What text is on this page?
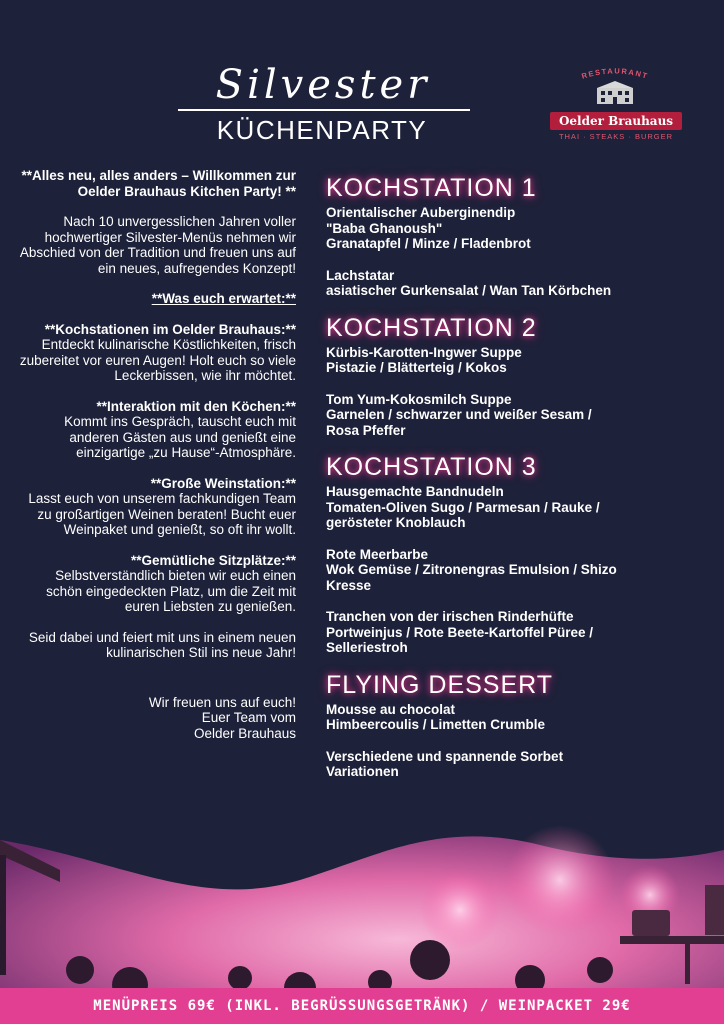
Silvester
KÜCHENPARTY
RESTAURANT
Oelder Brauhaus
THAI · STEAKS · BURGER

**Alles neu, alles anders – Willkommen zur Oelder Brauhaus Kitchen Party! **

Nach 10 unvergesslichen Jahren voller hochwertiger Silvester-Menüs nehmen wir Abschied von der Tradition und freuen uns auf ein neues, aufregendes Konzept!

**Was euch erwartet:**

**Kochstationen im Oelder Brauhaus:**
Entdeckt kulinarische Köstlichkeiten, frisch zubereitet vor euren Augen! Holt euch so viele Leckerbissen, wie ihr möchtet.

**Interaktion mit den Köchen:**
Kommt ins Gespräch, tauscht euch mit anderen Gästen aus und genießt eine einzigartige „zu Hause“-Atmosphäre.

**Große Weinstation:**
Lasst euch von unserem fachkundigen Team zu großartigen Weinen beraten! Bucht euer Weinpaket und genießt, so oft ihr wollt.

**Gemütliche Sitzplätze:**
Selbstverständlich bieten wir euch einen schön eingedeckten Platz, um die Zeit mit euren Liebsten zu genießen.

Seid dabei und feiert mit uns in einem neuen kulinarischen Stil ins neue Jahr!

Wir freuen uns auf euch!
Euer Team vom
Oelder Brauhaus

KOCHSTATION 1
Orientalischer Auberginendip
"Baba Ghanoush"
Granatapfel / Minze / Fladenbrot
Lachstatar
asiatischer Gurkensalat / Wan Tan Körbchen
KOCHSTATION 2
Kürbis-Karotten-Ingwer Suppe
Pistazie / Blätterteig / Kokos
Tom Yum-Kokosmilch Suppe
Garnelen / schwarzer und weißer Sesam /
Rosa Pfeffer
KOCHSTATION 3
Hausgemachte Bandnudeln
Tomaten-Oliven Sugo / Parmesan / Rauke /
gerösteter Knoblauch
Rote Meerbarbe
Wok Gemüse / Zitronengras Emulsion / Shizo
Kresse
Tranchen von der irischen Rinderhüfte
Portweinjus / Rote Beete-Kartoffel Püree /
Selleriestroh
FLYING DESSERT
Mousse au chocolat
Himbeercoulis / Limetten Crumble
Verschiedene und spannende Sorbet
Variationen
MENÜPREIS 69€ (INKL. BEGRÜSSUNGSGETRÄNK) / WEINPACKET 29€
